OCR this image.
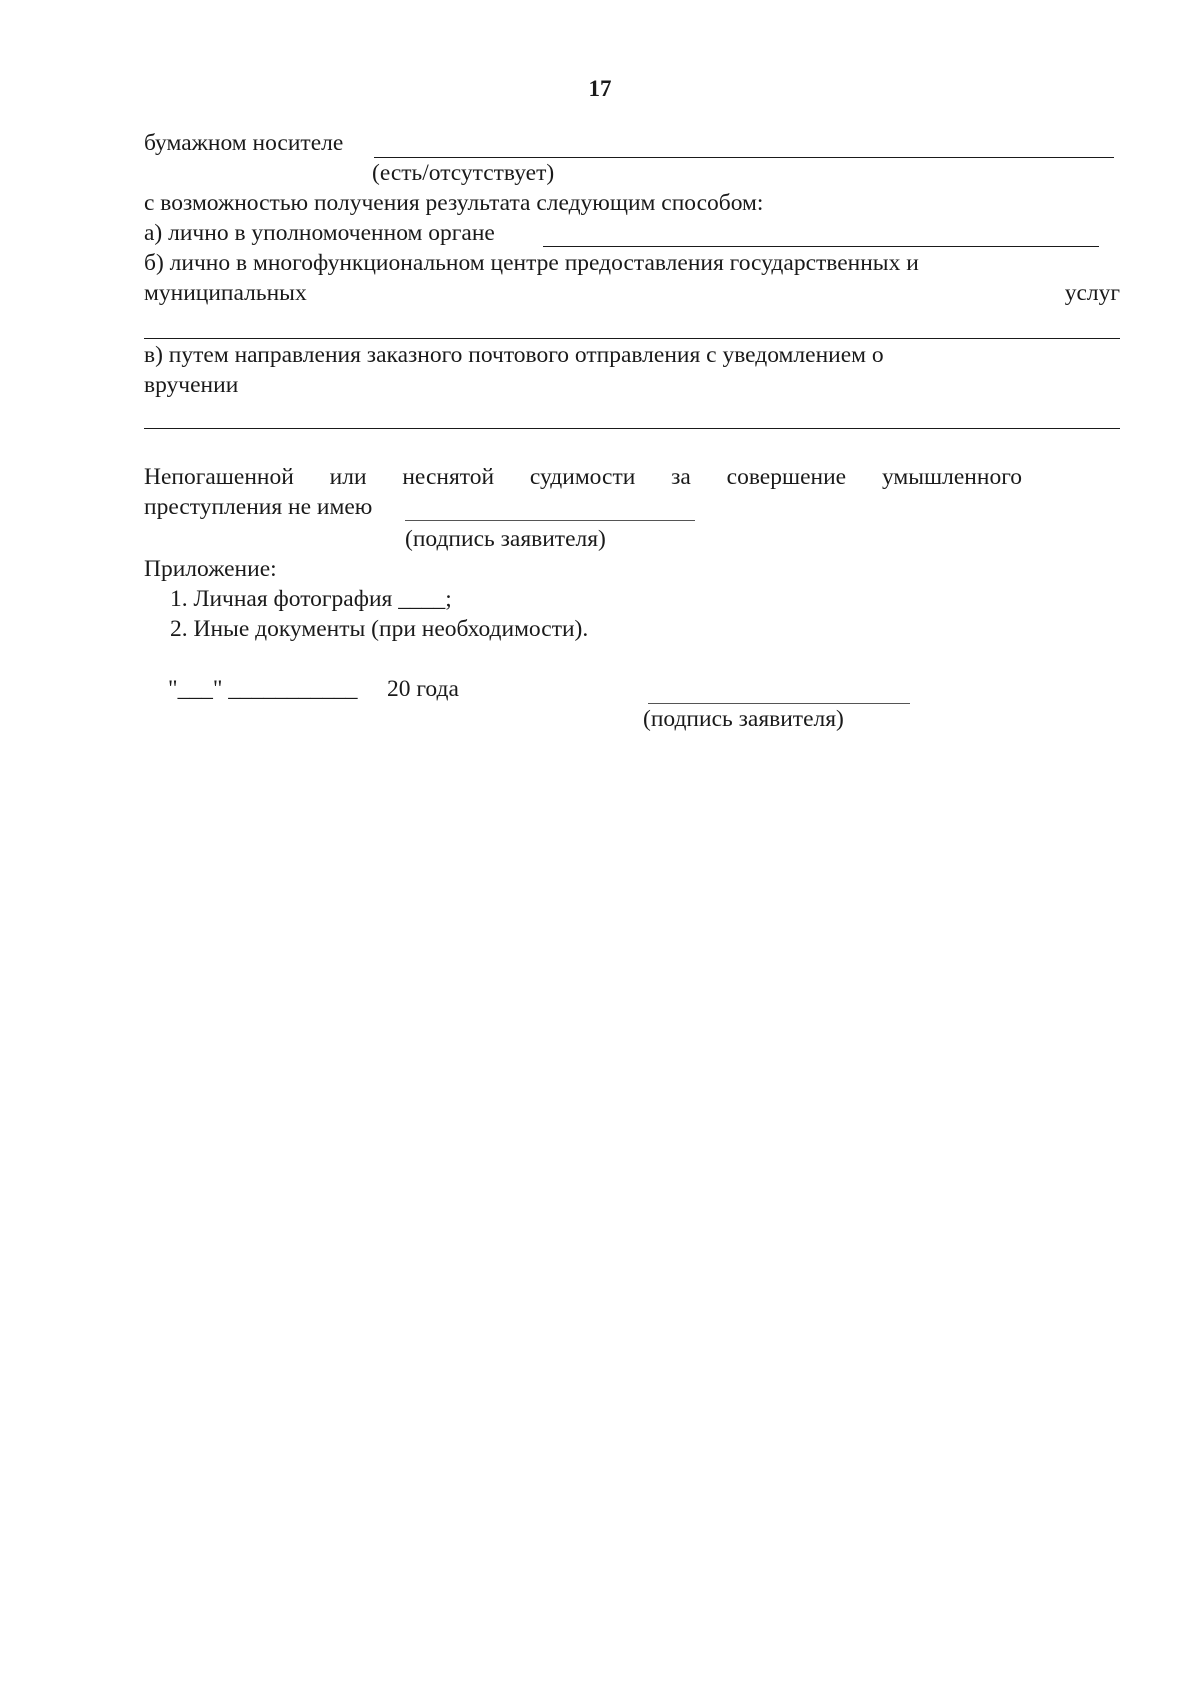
17
бумажном носителе
(есть/отсутствует)
с возможностью получения результата следующим способом:
а) лично в уполномоченном органе
б) лично в многофункциональном центре предоставления государственных и
муниципальных	услуг
в) путем направления заказного почтового отправления с уведомлением о
вручении
Непогашенной или неснятой судимости за совершение умышленного
преступления не имею
(подпись заявителя)
Приложение:
1. Личная фотография ____;
2. Иные документы (при необходимости).
"___" ___________ 20 года
(подпись заявителя)
